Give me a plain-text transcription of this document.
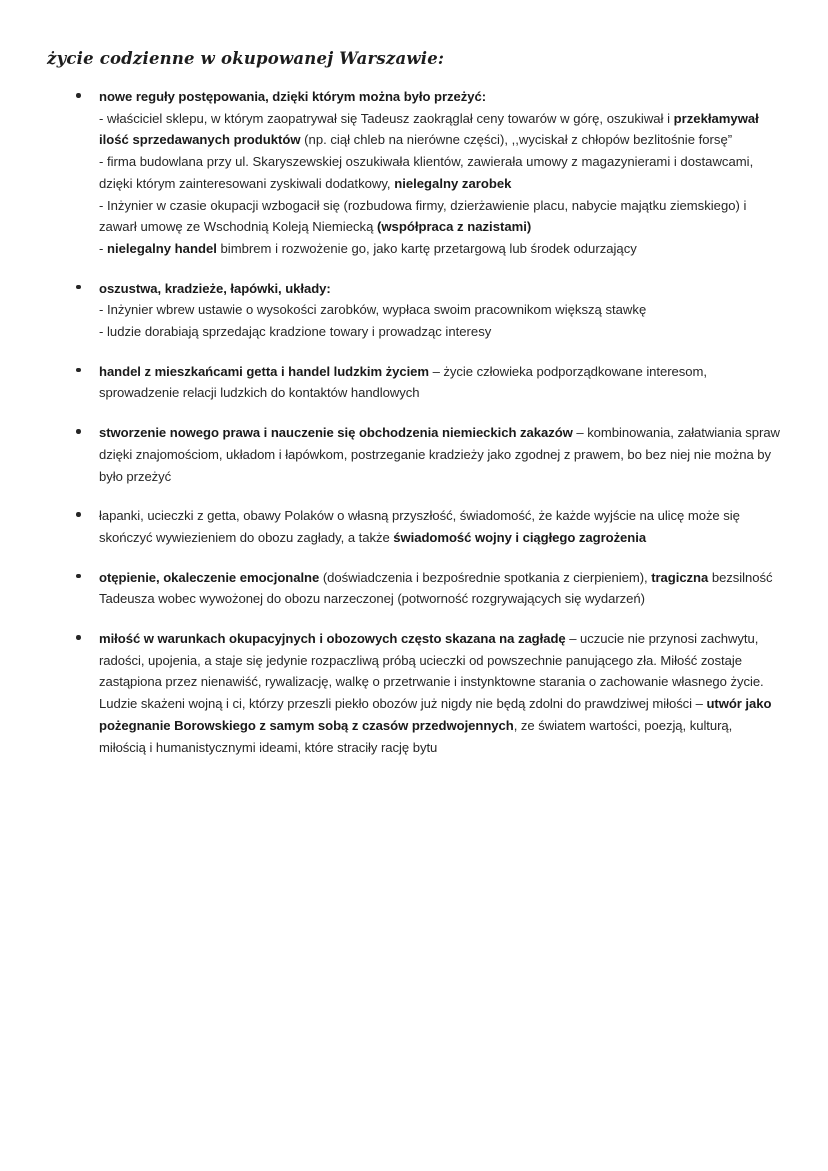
życie codzienne w okupowanej Warszawie:
nowe reguły postępowania, dzięki którym można było przeżyć:
- właściciel sklepu, w którym zaopatrywał się Tadeusz zaokrąglał ceny towarów w górę, oszukiwał i przekłamywał ilość sprzedawanych produktów (np. ciął chleb na nierówne części), ,,wyciskał z chłopów bezlitośnie forsę”
- firma budowlana przy ul. Skaryszewskiej oszukiwała klientów, zawierała umowy z magazynierami i dostawcami, dzięki którym zainteresowani zyskiwali dodatkowy, nielegalny zarobek
- Inżynier w czasie okupacji wzbogacił się (rozbudowa firmy, dzierżawienie placu, nabycie majątku ziemskiego) i zawarł umowę ze Wschodnią Koleją Niemiecką (współpraca z nazistami)
- nielegalny handel bimbrem i rozwożenie go, jako kartę przetargową lub środek odurzający
oszustwa, kradzieże, łapówki, układy:
- Inżynier wbrew ustawie o wysokości zarobków, wypłaca swoim pracownikom większą stawkę
- ludzie dorabiają sprzedając kradzione towary i prowadząc interesy
handel z mieszkańcami getta i handel ludzkim życiem – życie człowieka podporządkowane interesom, sprowadzenie relacji ludzkich do kontaktów handlowych
stworzenie nowego prawa i nauczenie się obchodzenia niemieckich zakazów – kombinowania, załatwiania spraw dzięki znajomościom, układom i łapówkom, postrzeganie kradzieży jako zgodnej z prawem, bo bez niej nie można by było przeżyć
łapanki, ucieczki z getta, obawy Polaków o własną przyszłość, świadomość, że każde wyjście na ulicę może się skończyć wywiezieniem do obozu zagłady, a także świadomość wojny i ciągłego zagrożenia
otępienie, okaleczenie emocjonalne (doświadczenia i bezpośrednie spotkania z cierpieniem), tragiczna bezsilność Tadeusza wobec wywożonej do obozu narzeczonej (potworność rozgrywających się wydarzeń)
miłość w warunkach okupacyjnych i obozowych często skazana na zagładę – uczucie nie przynosi zachwytu, radości, upojenia, a staje się jedynie rozpaczliwą próbą ucieczki od powszechnie panującego zła. Miłość zostaje zastąpiona przez nienawiść, rywalizację, walkę o przetrwanie i instynktowne starania o zachowanie własnego życie. Ludzie skażeni wojną i ci, którzy przeszli piekło obozów już nigdy nie będą zdolni do prawdziwej miłości – utwór jako pożegnanie Borowskiego z samym sobą z czasów przedwojennych, ze światem wartości, poezją, kulturą, miłością i humanistycznymi ideami, które straciły rację bytu
